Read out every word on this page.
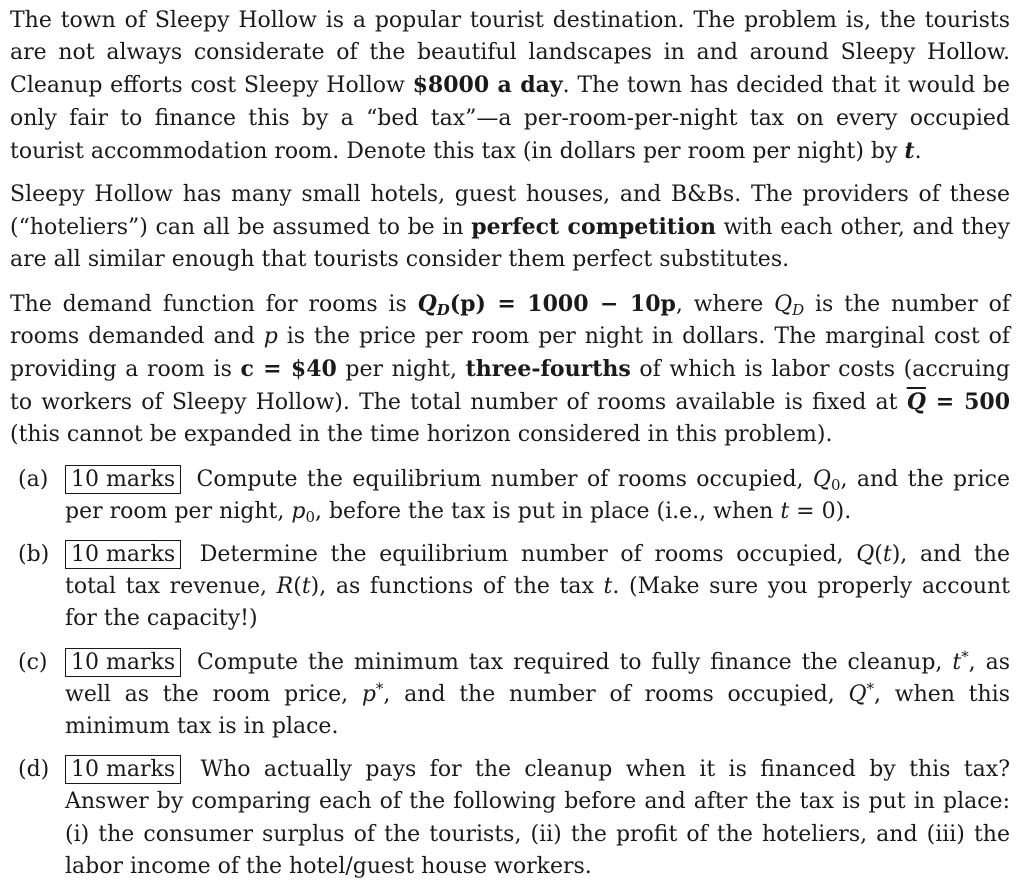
The town of Sleepy Hollow is a popular tourist destination. The problem is, the tourists are not always considerate of the beautiful landscapes in and around Sleepy Hollow. Cleanup efforts cost Sleepy Hollow $8000 a day. The town has decided that it would be only fair to finance this by a “bed tax”—a per-room-per-night tax on every occupied tourist accommodation room. Denote this tax (in dollars per room per night) by t.

Sleepy Hollow has many small hotels, guest houses, and B&Bs. The providers of these (“hoteliers”) can all be assumed to be in perfect competition with each other, and they are all similar enough that tourists consider them perfect substitutes.

The demand function for rooms is $Q_D(p) = 1000 - 10p$, where $Q_D$ is the number of rooms demanded and p is the price per room per night in dollars. The marginal cost of providing a room is c = $40 per night, three-fourths of which is labor costs (accruing to workers of Sleepy Hollow). The total number of rooms available is fixed at $\overline{Q} = 500$ (this cannot be expanded in the time horizon considered in this problem).

(a)	10 marks Compute the equilibrium number of rooms occupied, $Q_0$, and the price per room per night, $p_0$, before the tax is put in place (i.e., when t = 0).
(b) 10 marks Determine the equilibrium number of rooms occupied, Q(t), and the total tax revenue, R(t), as functions of the tax t. (Make sure you properly account for the capacity!)
(c)	10 marks Compute the minimum tax required to fully finance the cleanup, t*, as well as the room price, p*, and the number of rooms occupied, Q*, when this minimum tax is in place.
(d) 10 marks Who actually pays for the cleanup when it is financed by this tax? Answer by comparing each of the following before and after the tax is put in place: (i) the consumer surplus of the tourists, (ii) the profit of the hoteliers, and (iii) the labor income of the hotel/guest house workers.
